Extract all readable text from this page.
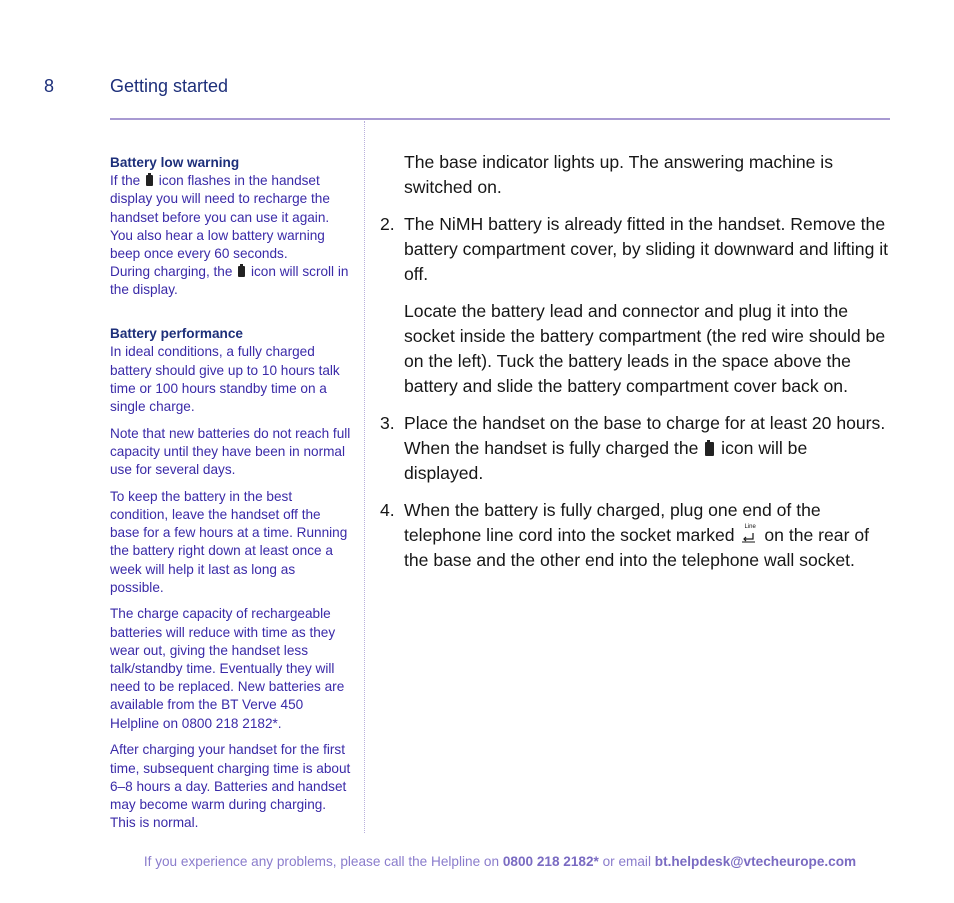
8	Getting started

Battery low warning

If the icon flashes in the handset display you will need to recharge the handset before you can use it again. You also hear a low battery warning beep once every 60 seconds.

During charging, the icon will scroll in the display.

Battery performance

In ideal conditions, a fully charged battery should give up to 10 hours talk time or 100 hours standby time on a single charge.

Note that new batteries do not reach full capacity until they have been in normal use for several days.

To keep the battery in the best condition, leave the handset off the base for a few hours at a time. Running the battery right down at least once a week will help it last as long as possible.

The charge capacity of rechargeable batteries will reduce with time as they wear out, giving the handset less talk/standby time. Eventually they will need to be replaced. New batteries are available from the BT Verve 450 Helpline on 0800 218 2182*.

After charging your handset for the first time, subsequent charging time is about 6–8 hours a day. Batteries and handset may become warm during charging. This is normal.

The base indicator lights up. The answering machine is switched on.

2. The NiMH battery is already fitted in the handset. Remove the battery compartment cover, by sliding it downward and lifting it off.

Locate the battery lead and connector and plug it into the socket inside the battery compartment (the red wire should be on the left). Tuck the battery leads in the space above the battery and slide the battery compartment cover back on.

3. Place the handset on the base to charge for at least 20 hours. When the handset is fully charged the icon will be displayed.

4. When the battery is fully charged, plug one end of the telephone line cord into the socket marked Line on the rear of the base and the other end into the telephone wall socket.

If you experience any problems, please call the Helpline on 0800 218 2182* or email bt.helpdesk@vtecheurope.com
